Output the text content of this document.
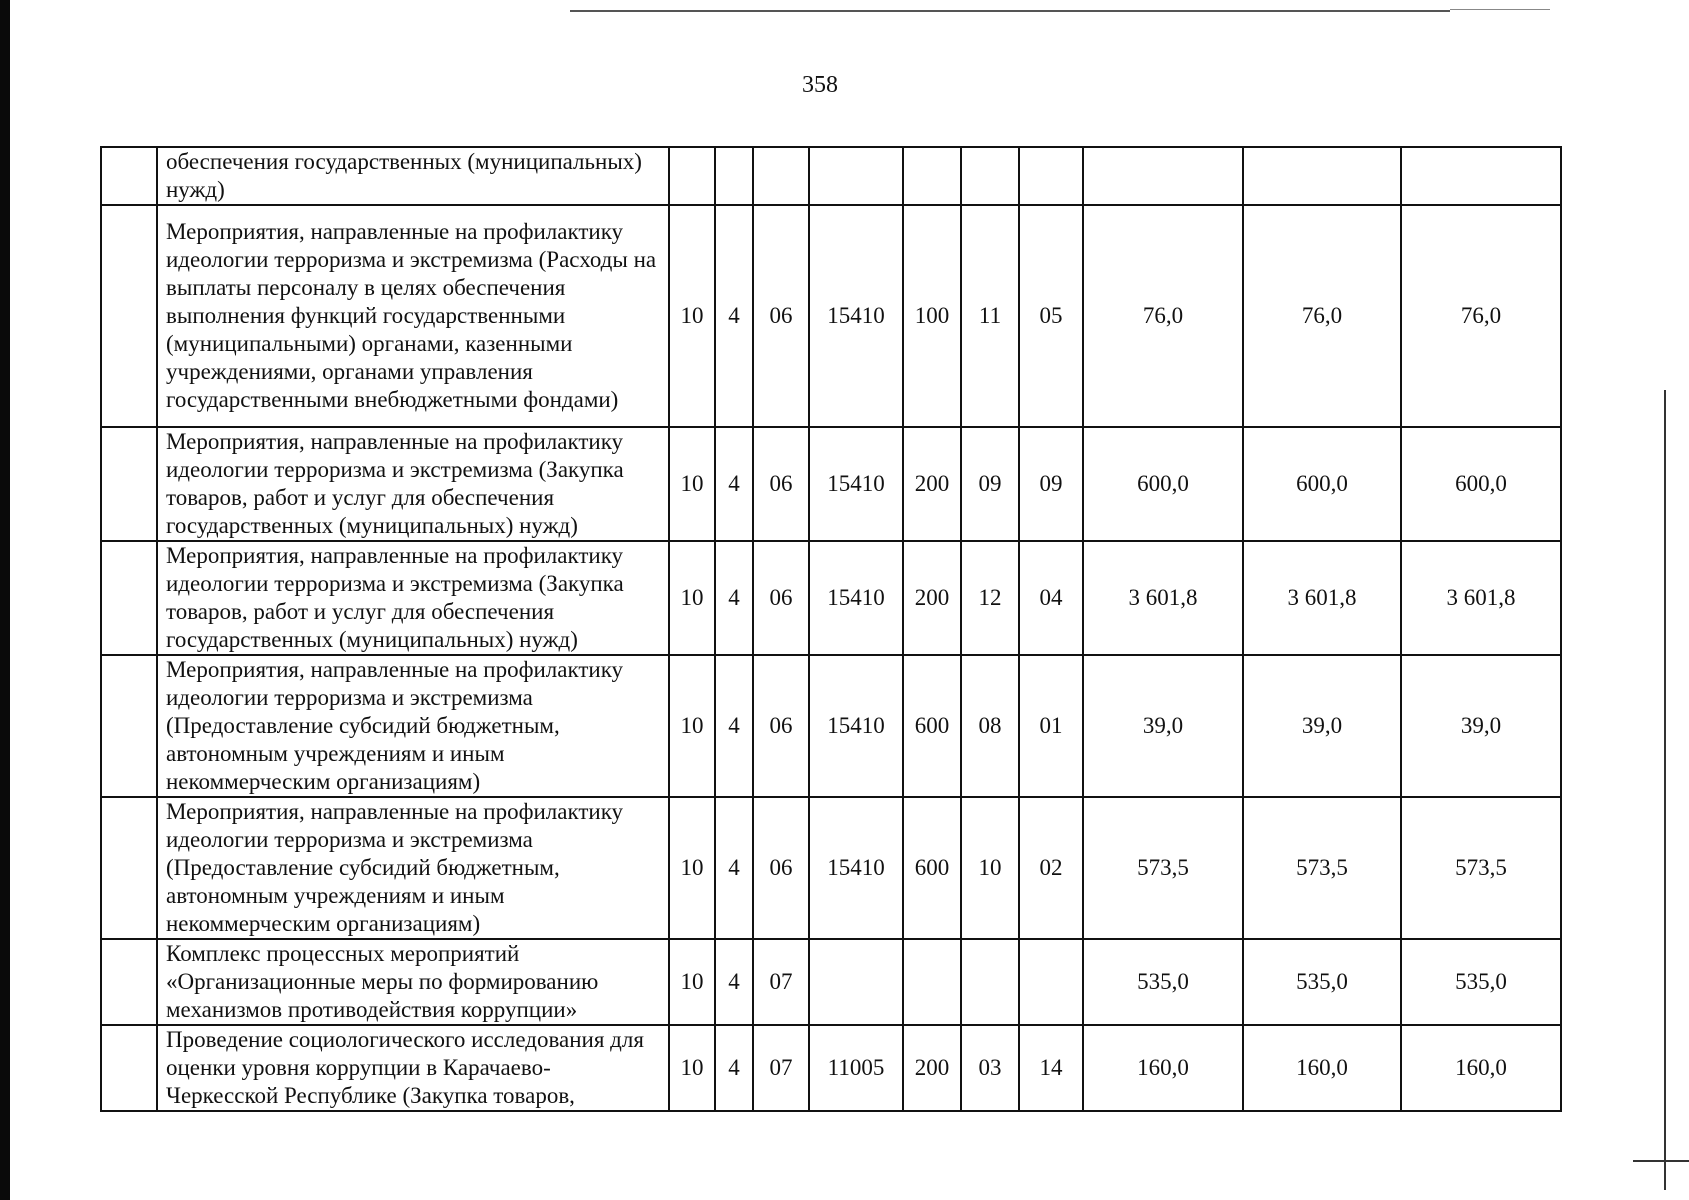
358
	обеспечения государственных (муниципальных) нужд)										
	Мероприятия, направленные на профилактику идеологии терроризма и экстремизма (Расходы на выплаты персоналу в целях обеспечения выполнения функций государственными (муниципальными) органами, казенными учреждениями, органами управления государственными внебюджетными фондами)	10	4	06	15410	100	11	05	76,0	76,0	76,0
	Мероприятия, направленные на профилактику идеологии терроризма и экстремизма (Закупка товаров, работ и услуг для обеспечения государственных (муниципальных) нужд)	10	4	06	15410	200	09	09	600,0	600,0	600,0
	Мероприятия, направленные на профилактику идеологии терроризма и экстремизма (Закупка товаров, работ и услуг для обеспечения государственных (муниципальных) нужд)	10	4	06	15410	200	12	04	3 601,8	3 601,8	3 601,8
	Мероприятия, направленные на профилактику идеологии терроризма и экстремизма (Предоставление субсидий бюджетным, автономным учреждениям и иным некоммерческим организациям)	10	4	06	15410	600	08	01	39,0	39,0	39,0
	Мероприятия, направленные на профилактику идеологии терроризма и экстремизма (Предоставление субсидий бюджетным, автономным учреждениям и иным некоммерческим организациям)	10	4	06	15410	600	10	02	573,5	573,5	573,5
	Комплекс процессных мероприятий «Организационные меры по формированию механизмов противодействия коррупции»	10	4	07					535,0	535,0	535,0
	Проведение социологического исследования для оценки уровня коррупции в Карачаево-Черкесской Республике (Закупка товаров,	10	4	07	11005	200	03	14	160,0	160,0	160,0
